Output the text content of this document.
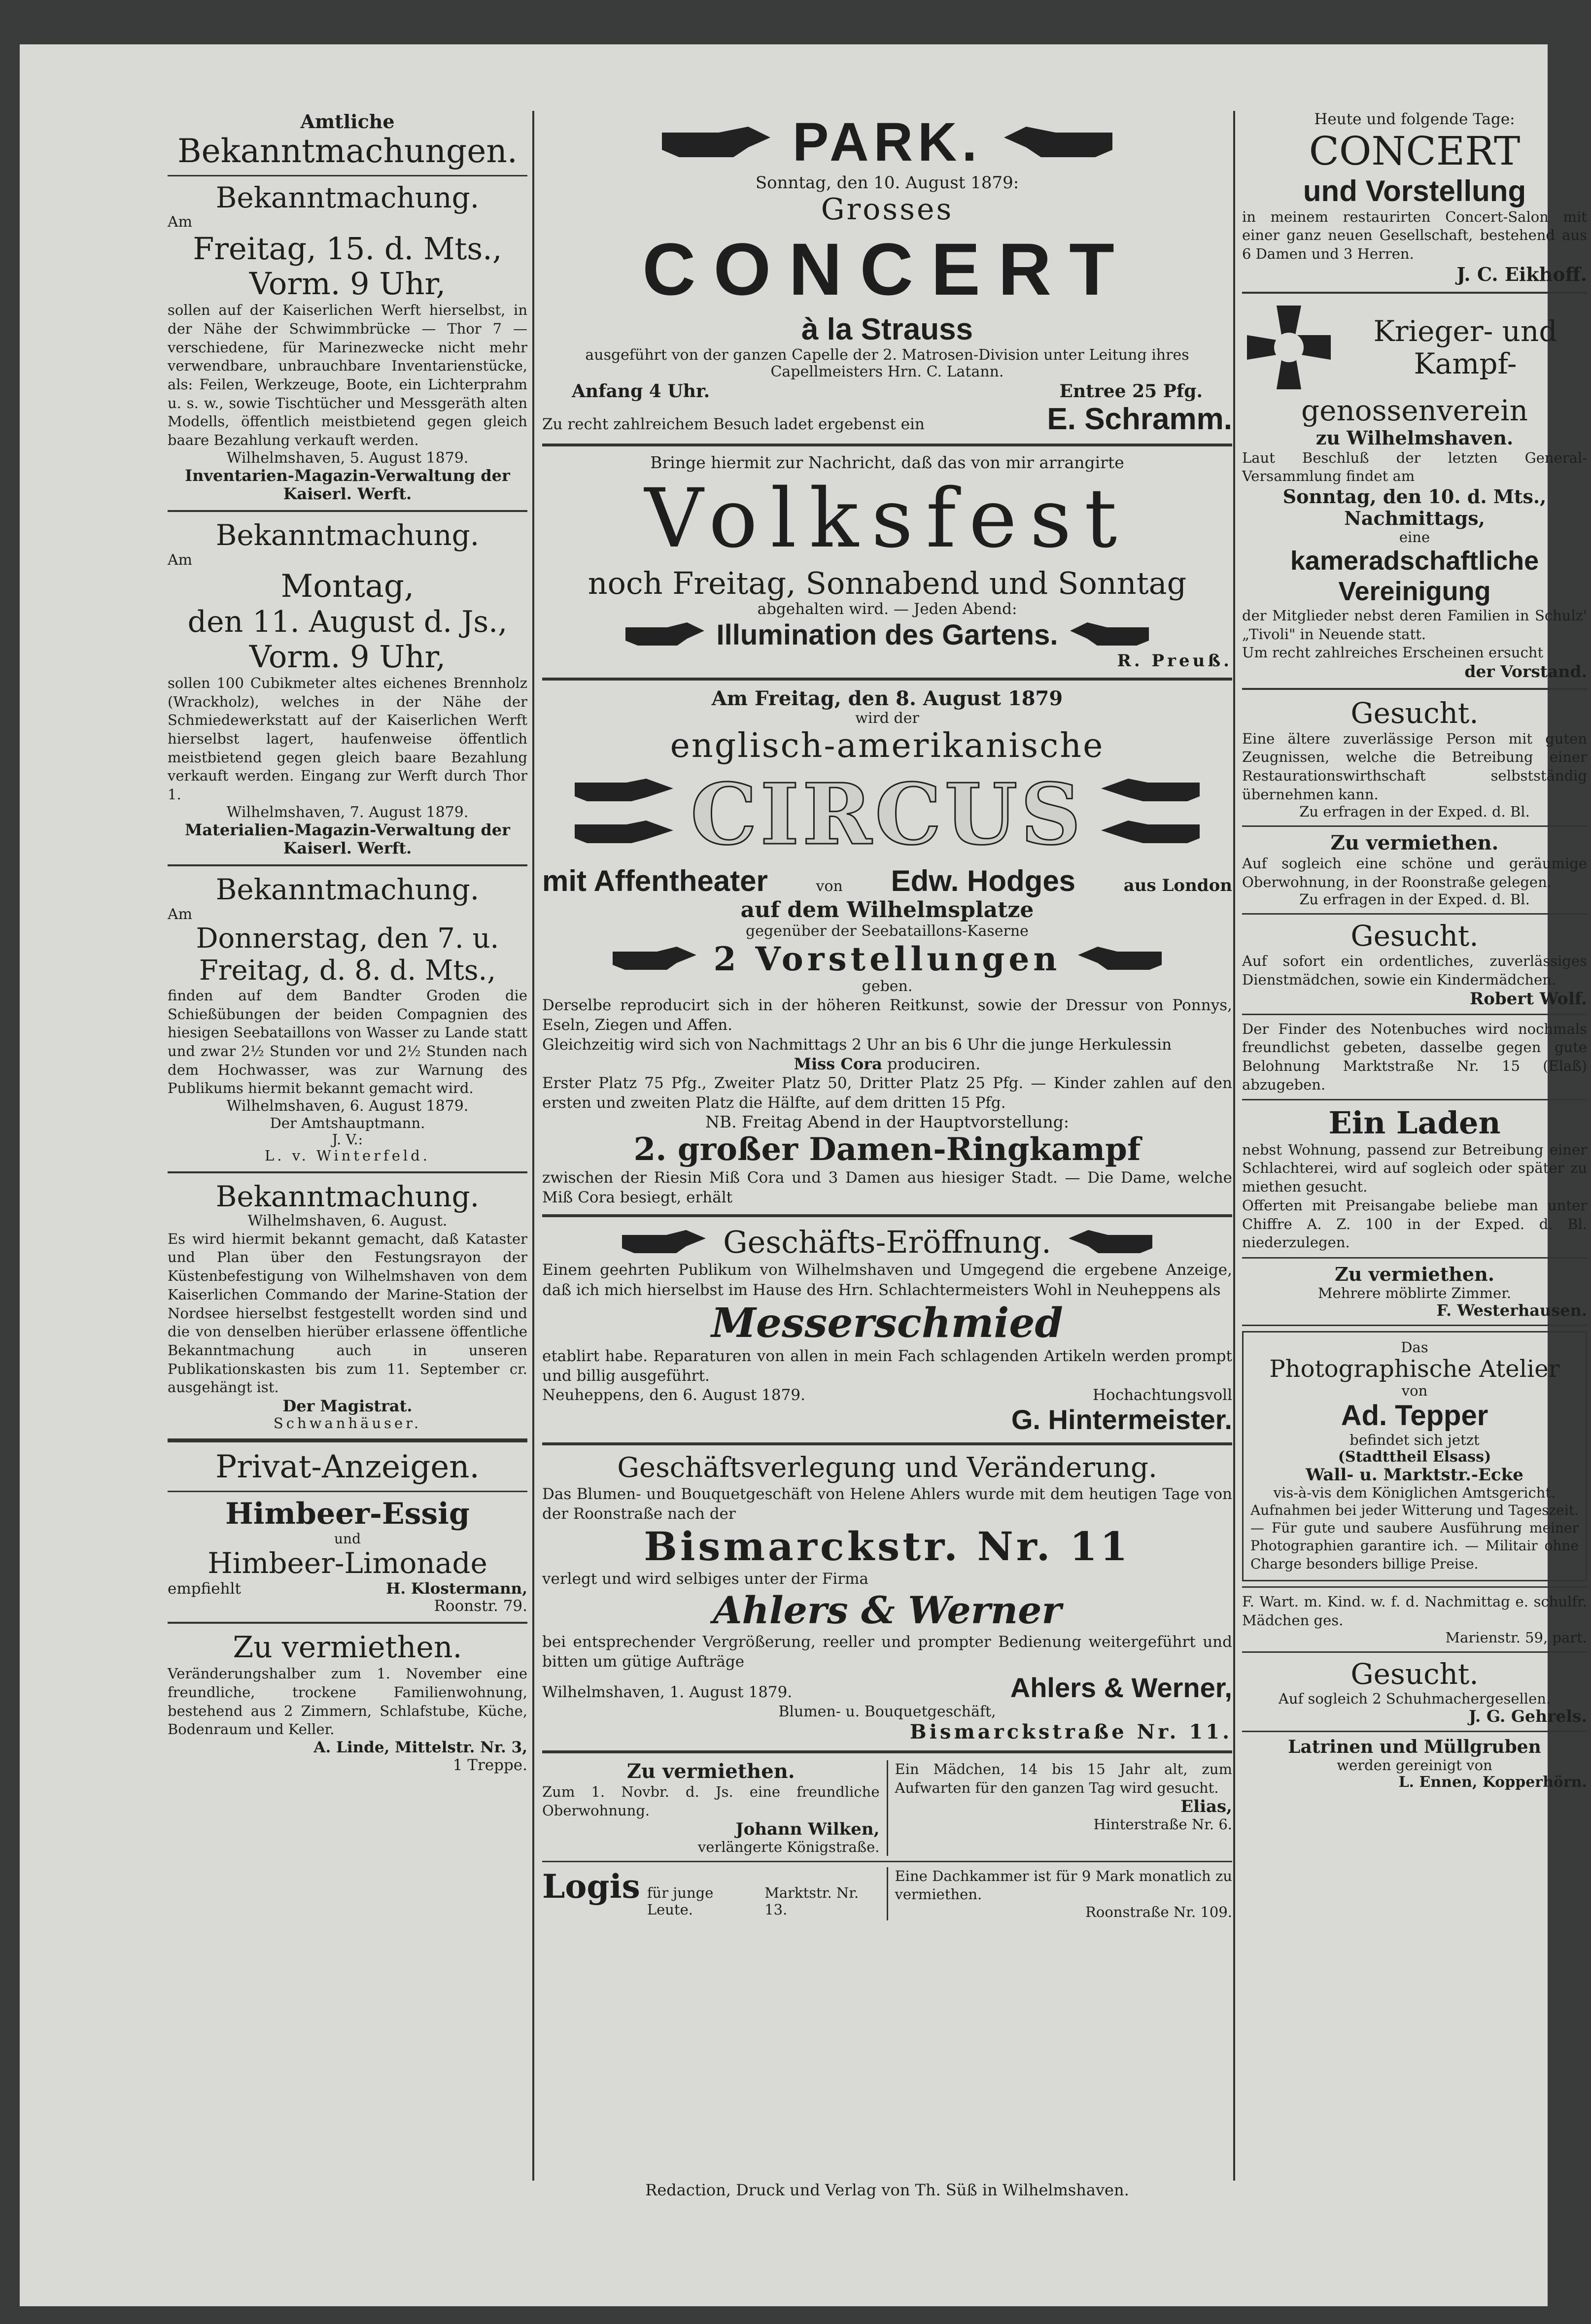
Amtliche

Bekanntmachungen.

Bekanntmachung.

Am

Freitag, 15. d. Mts.,

Vorm. 9 Uhr,

sollen auf der Kaiserlichen Werft hierselbst, in der Nähe der Schwimmbrücke — Thor 7 — verschiedene, für Marinezwecke nicht mehr verwendbare, unbrauchbare Inventarienstücke, als: Feilen, Werkzeuge, Boote, ein Lichterprahm u. s. w., sowie Tischtücher und Messgeräth alten Modells, öffentlich meistbietend gegen gleich baare Bezahlung verkauft werden.

Wilhelmshaven, 5. August 1879.

Inventarien-Magazin-Verwaltung der Kaiserl. Werft.

Bekanntmachung.

Am

Montag,

den 11. August d. Js.,

Vorm. 9 Uhr,

sollen 100 Cubikmeter altes eichenes Brennholz (Wrackholz), welches in der Nähe der Schmiedewerkstatt auf der Kaiserlichen Werft hierselbst lagert, haufenweise öffentlich meistbietend gegen gleich baare Bezahlung verkauft werden. Eingang zur Werft durch Thor 1.

Wilhelmshaven, 7. August 1879.

Materialien-Magazin-Verwaltung der Kaiserl. Werft.

Bekanntmachung.

Am

Donnerstag, den 7. u.

Freitag, d. 8. d. Mts.,

finden auf dem Bandter Groden die Schießübungen der beiden Compagnien des hiesigen Seebataillons von Wasser zu Lande statt und zwar 2½ Stunden vor und 2½ Stunden nach dem Hochwasser, was zur Warnung des Publikums hiermit bekannt gemacht wird.

Wilhelmshaven, 6. August 1879.

Der Amtshauptmann.

J. V.:

L. v. Winterfeld.

Bekanntmachung.

Wilhelmshaven, 6. August.

Es wird hiermit bekannt gemacht, daß Kataster und Plan über den Festungsrayon der Küstenbefestigung von Wilhelmshaven von dem Kaiserlichen Commando der Marine-Station der Nordsee hierselbst festgestellt worden sind und die von denselben hierüber erlassene öffentliche Bekanntmachung auch in unseren Publikationskasten bis zum 11. September cr. ausgehängt ist.

Der Magistrat.

Schwanhäuser.

Privat-Anzeigen.

Himbeer-Essig

und

Himbeer-Limonade

empfiehlt	H. Klostermann,

Roonstr. 79.

Zu vermiethen.

Veränderungshalber zum 1. November eine freundliche, trockene Familienwohnung, bestehend aus 2 Zimmern, Schlafstube, Küche, Bodenraum und Keller.

A. Linde, Mittelstr. Nr. 3,

1 Treppe.

PARK.

Sonntag, den 10. August 1879:

Grosses

CONCERT

à la Strauss

ausgeführt von der ganzen Capelle der 2. Matrosen-Division unter Leitung ihres Capellmeisters Hrn. C. Latann.

Anfang 4 Uhr.	Entree 25 Pfg.
Zu recht zahlreichem Besuch ladet ergebenst ein	E. Schramm.

Bringe hiermit zur Nachricht, daß das von mir arrangirte

Volksfest

noch Freitag, Sonnabend und Sonntag

abgehalten wird. — Jeden Abend:

Illumination des Gartens.

R. Preuß.

Am Freitag, den 8. August 1879

wird der

englisch-amerikanische

CIRCUS
mit Affentheater	von Edw. Hodges	aus London

auf dem Wilhelmsplatze

gegenüber der Seebataillons-Kaserne

2 Vorstellungen

geben.

Derselbe reproducirt sich in der höheren Reitkunst, sowie der Dressur von Ponnys, Eseln, Ziegen und Affen.

Gleichzeitig wird sich von Nachmittags 2 Uhr an bis 6 Uhr die junge Herkulessin

Miss Cora produciren.

Erster Platz 75 Pfg., Zweiter Platz 50, Dritter Platz 25 Pfg. — Kinder zahlen auf den ersten und zweiten Platz die Hälfte, auf dem dritten 15 Pfg.

NB. Freitag Abend in der Hauptvorstellung:

2. großer Damen-Ringkampf

zwischen der Riesin Miß Cora und 3 Damen aus hiesiger Stadt. — Die Dame, welche Miß Cora besiegt, erhält

Geschäfts-Eröffnung.

Einem geehrten Publikum von Wilhelmshaven und Umgegend die ergebene Anzeige, daß ich mich hierselbst im Hause des Hrn. Schlachtermeisters Wohl in Neuheppens als

Messerschmied

etablirt habe. Reparaturen von allen in mein Fach schlagenden Artikeln werden prompt und billig ausgeführt.

Neuheppens, den 6. August 1879.	Hochachtungsvoll

G. Hintermeister.

Geschäftsverlegung und Veränderung.

Das Blumen- und Bouquetgeschäft von Helene Ahlers wurde mit dem heutigen Tage von der Roonstraße nach der

Bismarckstr. Nr. 11

verlegt und wird selbiges unter der Firma

Ahlers & Werner

bei entsprechender Vergrößerung, reeller und prompter Bedienung weitergeführt und bitten um gütige Aufträge

Wilhelmshaven, 1. August 1879.	Ahlers & Werner,

Blumen- u. Bouquetgeschäft,

Bismarckstraße Nr. 11.

Zu vermiethen.

Zum 1. Novbr. d. Js. eine freundliche Oberwohnung.

Johann Wilken,

verlängerte Königstraße.

Ein Mädchen, 14 bis 15 Jahr alt, zum Aufwarten für den ganzen Tag wird gesucht.

Elias,

Hinterstraße Nr. 6.

Logis für junge Leute.
Marktstr. Nr. 13.

Eine Dachkammer ist für 9 Mark monatlich zu vermiethen.

Roonstraße Nr. 109.

Heute und folgende Tage:

CONCERT

und Vorstellung

in meinem restaurirten Concert-Salon mit einer ganz neuen Gesellschaft, bestehend aus 6 Damen und 3 Herren.

J. C. Eikhoff.

Krieger- und

Kampf-

genossenverein

zu Wilhelmshaven.

Laut Beschluß der letzten General-Versammlung findet am

Sonntag, den 10. d. Mts.,

Nachmittags,

eine

kameradschaftliche

Vereinigung

der Mitglieder nebst deren Familien in Schulz' „Tivoli" in Neuende statt.

Um recht zahlreiches Erscheinen ersucht

der Vorstand.

Gesucht.

Eine ältere zuverlässige Person mit guten Zeugnissen, welche die Betreibung einer Restaurationswirthschaft selbstständig übernehmen kann.

Zu erfragen in der Exped. d. Bl.

Zu vermiethen.

Auf sogleich eine schöne und geräumige Oberwohnung, in der Roonstraße gelegen.

Zu erfragen in der Exped. d. Bl.

Gesucht.

Auf sofort ein ordentliches, zuverlässiges Dienstmädchen, sowie ein Kindermädchen.

Robert Wolf.

Der Finder des Notenbuches wird nochmals freundlichst gebeten, dasselbe gegen gute Belohnung Marktstraße Nr. 15 (Elaß) abzugeben.

Ein Laden

nebst Wohnung, passend zur Betreibung einer Schlachterei, wird auf sogleich oder später zu miethen gesucht.

Offerten mit Preisangabe beliebe man unter Chiffre A. Z. 100 in der Exped. d. Bl. niederzulegen.

Zu vermiethen.

Mehrere möblirte Zimmer.

F. Westerhausen.

Das

Photographische Atelier

von

Ad. Tepper

befindet sich jetzt

(Stadttheil Elsass)

Wall- u. Marktstr.-Ecke

vis-à-vis dem Königlichen Amtsgericht.

Aufnahmen bei jeder Witterung und Tageszeit. — Für gute und saubere Ausführung meiner Photographien garantire ich. — Militair ohne Charge besonders billige Preise.

F. Wart. m. Kind. w. f. d. Nachmittag e. schulfr. Mädchen ges.

Marienstr. 59, part.

Gesucht.

Auf sogleich 2 Schuhmachergesellen.

J. G. Gehrels.

Latrinen und Müllgruben

werden gereinigt von

L. Ennen, Kopperhörn.

Redaction, Druck und Verlag von Th. Süß in Wilhelmshaven.
